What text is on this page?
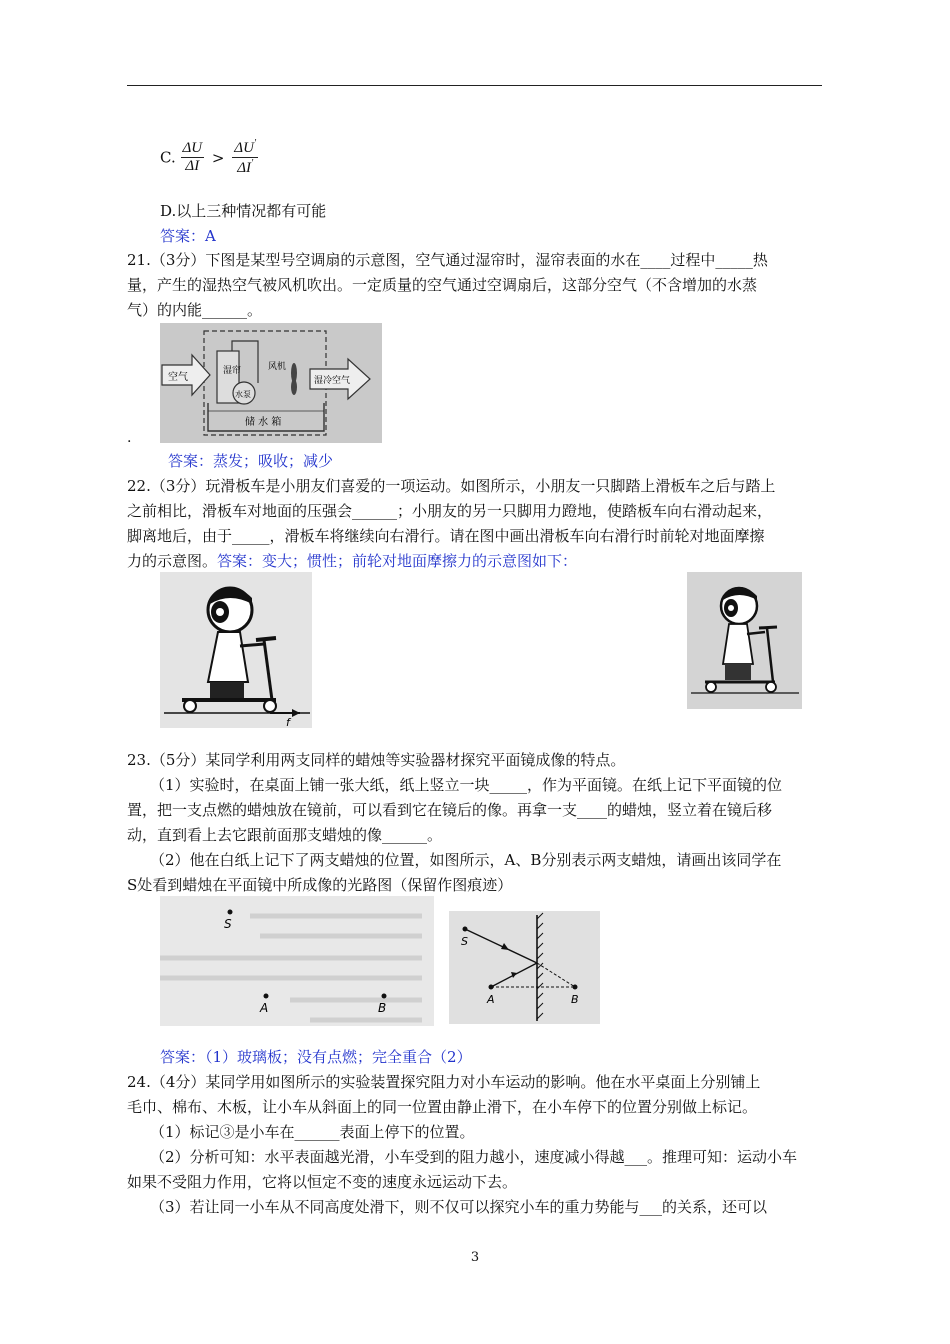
C. $\frac{\Delta U}{\Delta I} > \frac{\Delta U'}{\Delta I'}$
D.以上三种情况都有可能
答案：A
21.（3分）下图是某型号空调扇的示意图，空气通过湿帘时，湿帘表面的水在____过程中_____热
量，产生的湿热空气被风机吹出。一定质量的空气通过空调扇后，这部分空气（不含增加的水蒸
气）的内能______。
空气
湿帘
水泵
风机
湿冷空气
储 水 箱
.
答案：蒸发；吸收；减少
22.（3分）玩滑板车是小朋友们喜爱的一项运动。如图所示，小朋友一只脚踏上滑板车之后与踏上
之前相比，滑板车对地面的压强会______；小朋友的另一只脚用力蹬地，使踏板车向右滑动起来，
脚离地后，由于_____，滑板车将继续向右滑行。请在图中画出滑板车向右滑行时前轮对地面摩擦
力的示意图。答案：变大；惯性；前轮对地面摩擦力的示意图如下：
f
23.（5分）某同学利用两支同样的蜡烛等实验器材探究平面镜成像的特点。
（1）实验时，在桌面上铺一张大纸，纸上竖立一块_____，作为平面镜。在纸上记下平面镜的位
置，把一支点燃的蜡烛放在镜前，可以看到它在镜后的像。再拿一支____的蜡烛，竖立着在镜后移
动，直到看上去它跟前面那支蜡烛的像______。
（2）他在白纸上记下了两支蜡烛的位置，如图所示，A、B分别表示两支蜡烛，请画出该同学在
S处看到蜡烛在平面镜中所成像的光路图（保留作图痕迹）
S
A	B
S
A	B
答案：（1）玻璃板；没有点燃；完全重合（2）
24.（4分）某同学用如图所示的实验装置探究阻力对小车运动的影响。他在水平桌面上分别铺上
毛巾、棉布、木板，让小车从斜面上的同一位置由静止滑下，在小车停下的位置分别做上标记。
（1）标记③是小车在______表面上停下的位置。
（2）分析可知：水平表面越光滑，小车受到的阻力越小，速度减小得越___。推理可知：运动小车
如果不受阻力作用，它将以恒定不变的速度永远运动下去。
（3）若让同一小车从不同高度处滑下，则不仅可以探究小车的重力势能与___的关系，还可以
3
